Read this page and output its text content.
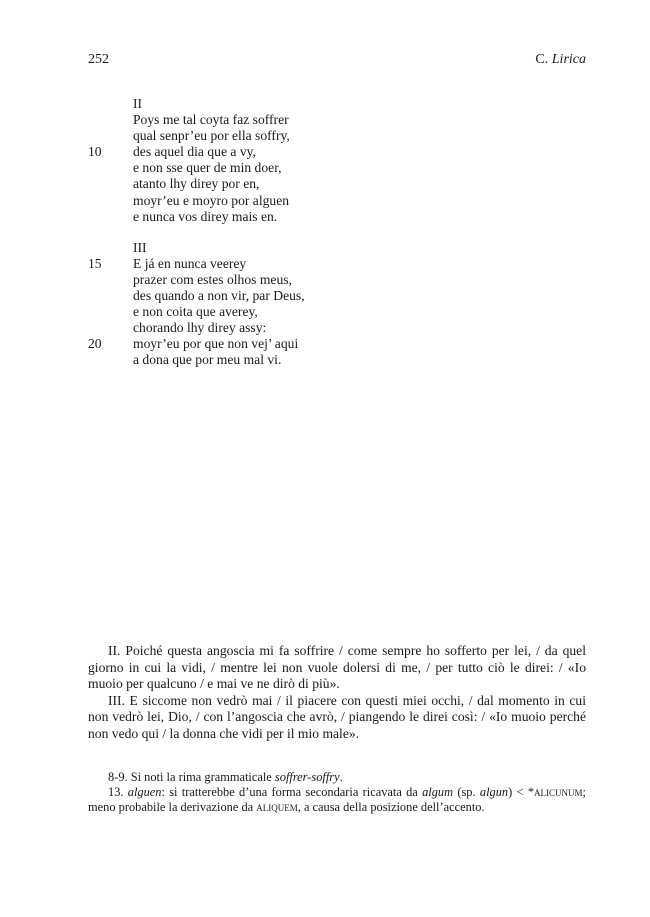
252	C. Lirica
II
Poys me tal coyta faz soffrer
qual senpr’eu por ella soffry,
10	des aquel dia que a vy,
e non sse quer de min doer,
atanto lhy direy por en,
moyr’eu e moyro por alguen
e nunca vos direy mais en.
III
15	E já en nunca veerey
prazer com estes olhos meus,
des quando a non vir, par Deus,
e non coita que averey,
chorando lhy direy assy:
20	moyr’eu por que non vej’ aqui
a dona que por meu mal vi.

II. Poiché questa angoscia mi fa soffrire / come sempre ho sofferto per lei, / da quel giorno in cui la vidi, / mentre lei non vuole dolersi di me, / per tutto ciò le direi: / «Io muoio per qualcuno / e mai ve ne dirò di più».

III. E siccome non vedrò mai / il piacere con questi miei occhi, / dal momento in cui non vedrò lei, Dio, / con l’angoscia che avrò, / piangendo le direi così: / «Io muoio perché non vedo qui / la donna che vidi per il mio male».

8-9. Si noti la rima grammaticale soffrer-soffry.

13. alguen: si tratterebbe d’una forma secondaria ricavata da algum (sp. algun) < *alicunum; meno probabile la derivazione da aliquem, a causa della posizione dell’accento.
